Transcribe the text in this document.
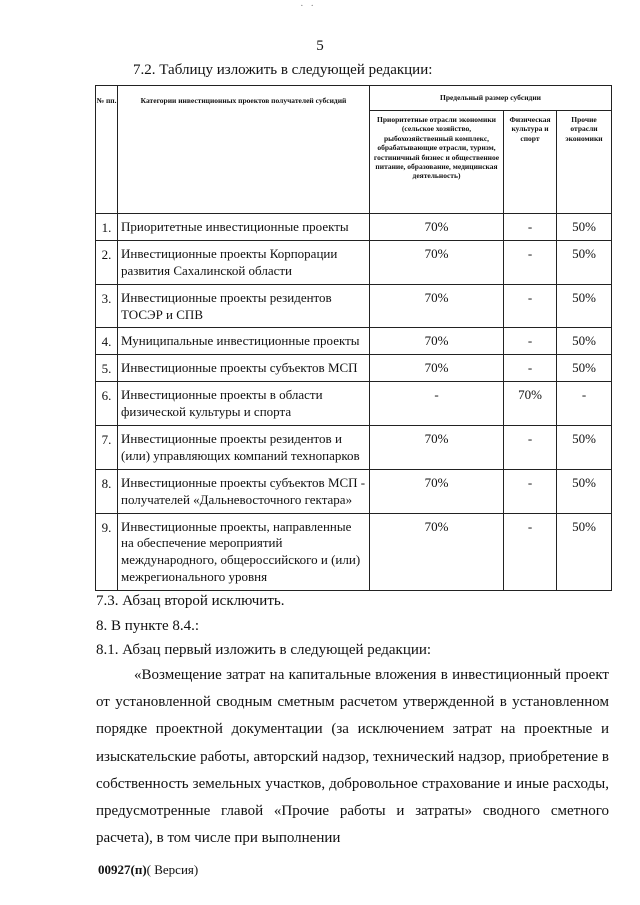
· ·
5
7.2. Таблицу изложить в следующей редакции:
№ пп.	Категории инвестиционных проектов получателей субсидий	Предельный размер субсидии		
		Приоритетные отрасли экономики (сельское хозяйство, рыбохозяйственный комплекс, обрабатывающие отрасли, туризм, гостиничный бизнес и общественное питание, образование, медицинская деятельность)	Физическая культура и спорт	Прочие отрасли экономики
1.	Приоритетные инвестиционные проекты	70%	-	50%
2.	Инвестиционные проекты Корпорации развития Сахалинской области	70%	-	50%
3.	Инвестиционные проекты резидентов ТОСЭР и СПВ	70%	-	50%
4.	Муниципальные инвестиционные проекты	70%	-	50%
5.	Инвестиционные проекты субъектов МСП	70%	-	50%
6.	Инвестиционные проекты в области физической культуры и спорта	-	70%	-
7.	Инвестиционные проекты резидентов и (или) управляющих компаний технопарков	70%	-	50%
8.	Инвестиционные проекты субъектов МСП - получателей «Дальневосточного гектара»	70%	-	50%
9.	Инвестиционные проекты, направленные на обеспечение мероприятий международного, общероссийского и (или) межрегионального уровня	70%	-	50%
7.3. Абзац второй исключить.
8. В пункте 8.4.:
8.1. Абзац первый изложить в следующей редакции:
«Возмещение затрат на капитальные вложения в инвестиционный проект от установленной сводным сметным расчетом утвержденной в установленном порядке проектной документации (за исключением затрат на проектные и изыскательские работы, авторский надзор, технический надзор, приобретение в собственность земельных участков, добровольное страхование и иные расходы, предусмотренные главой «Прочие работы и затраты» сводного сметного расчета), в том числе при выполнении
00927(п)( Версия)
